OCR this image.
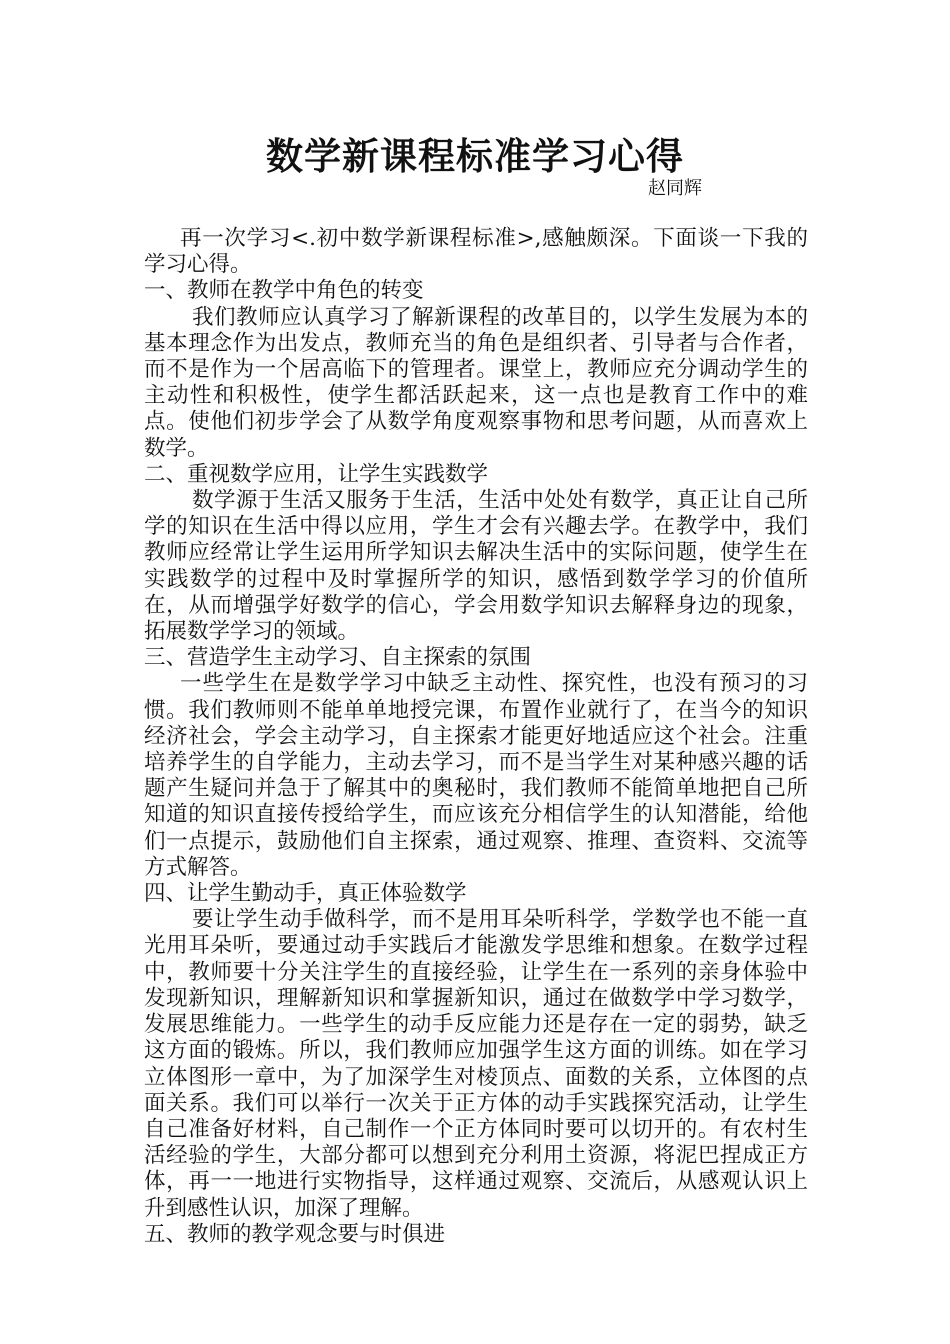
数学新课程标准学习心得
赵同辉

再一次学习<.初中数学新课程标准>,感触颇深。下面谈一下我的学习心得。

一、教师在教学中角色的转变

我们教师应认真学习了解新课程的改革目的，以学生发展为本的基本理念作为出发点，教师充当的角色是组织者、引导者与合作者，而不是作为一个居高临下的管理者。课堂上，教师应充分调动学生的主动性和积极性，使学生都活跃起来，这一点也是教育工作中的难点。使他们初步学会了从数学角度观察事物和思考问题，从而喜欢上数学。

二、重视数学应用，让学生实践数学

数学源于生活又服务于生活，生活中处处有数学，真正让自己所学的知识在生活中得以应用，学生才会有兴趣去学。在教学中，我们教师应经常让学生运用所学知识去解决生活中的实际问题，使学生在实践数学的过程中及时掌握所学的知识，感悟到数学学习的价值所在，从而增强学好数学的信心，学会用数学知识去解释身边的现象，拓展数学学习的领域。

三、营造学生主动学习、自主探索的氛围

一些学生在是数学学习中缺乏主动性、探究性，也没有预习的习惯。我们教师则不能单单地授完课，布置作业就行了，在当今的知识经济社会，学会主动学习，自主探索才能更好地适应这个社会。注重培养学生的自学能力，主动去学习，而不是当学生对某种感兴趣的话题产生疑问并急于了解其中的奥秘时，我们教师不能简单地把自己所知道的知识直接传授给学生，而应该充分相信学生的认知潜能，给他们一点提示，鼓励他们自主探索，通过观察、推理、查资料、交流等方式解答。

四、让学生勤动手，真正体验数学

要让学生动手做科学，而不是用耳朵听科学，学数学也不能一直光用耳朵听，要通过动手实践后才能激发学思维和想象。在数学过程中，教师要十分关注学生的直接经验，让学生在一系列的亲身体验中发现新知识，理解新知识和掌握新知识，通过在做数学中学习数学，发展思维能力。一些学生的动手反应能力还是存在一定的弱势，缺乏这方面的锻炼。所以，我们教师应加强学生这方面的训练。如在学习立体图形一章中，为了加深学生对棱顶点、面数的关系，立体图的点面关系。我们可以举行一次关于正方体的动手实践探究活动，让学生自己准备好材料，自己制作一个正方体同时要可以切开的。有农村生活经验的学生，大部分都可以想到充分利用土资源，将泥巴捏成正方体，再一一地进行实物指导，这样通过观察、交流后，从感观认识上升到感性认识，加深了理解。

五、教师的教学观念要与时俱进
